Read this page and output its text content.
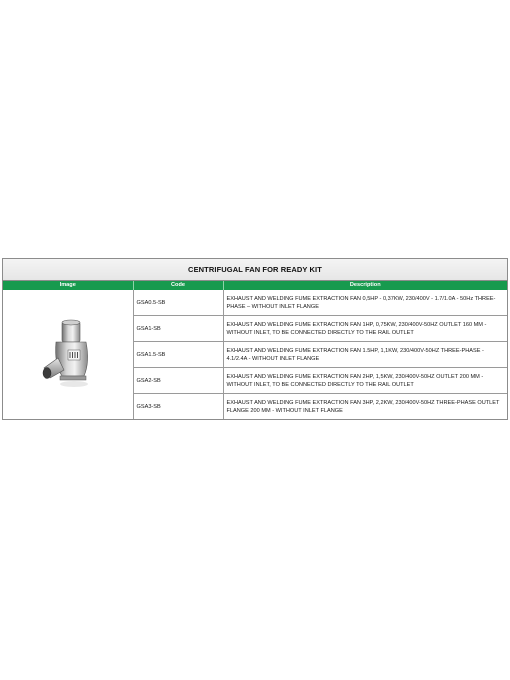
CENTRIFUGAL FAN FOR READY KIT
Image	Code	Description

	GSA0.5-SB	EXHAUST AND WELDING FUME EXTRACTION FAN 0,5HP - 0,37KW, 230/400V - 1.7/1.0A - 50Hz THREE-PHASE – WITHOUT INLET FLANGE
	GSA1-SB	EXHAUST AND WELDING FUME EXTRACTION FAN 1HP, 0,75KW, 230/400V-50HZ OUTLET 160 MM - WITHOUT INLET, TO BE CONNECTED DIRECTLY TO THE RAIL OUTLET
	GSA1.5-SB	EXHAUST AND WELDING FUME EXTRACTION FAN 1.5HP, 1,1KW, 230/400V-50HZ THREE-PHASE - 4.1/2.4A - WITHOUT INLET FLANGE
	GSA2-SB	EXHAUST AND WELDING FUME EXTRACTION FAN 2HP, 1,5KW, 230/400V-50HZ OUTLET 200 MM - WITHOUT INLET, TO BE CONNECTED DIRECTLY TO THE RAIL OUTLET
	GSA3-SB	EXHAUST AND WELDING FUME EXTRACTION FAN 3HP, 2,2KW, 230/400V-50HZ THREE-PHASE OUTLET FLANGE 200 MM - WITHOUT INLET FLANGE
